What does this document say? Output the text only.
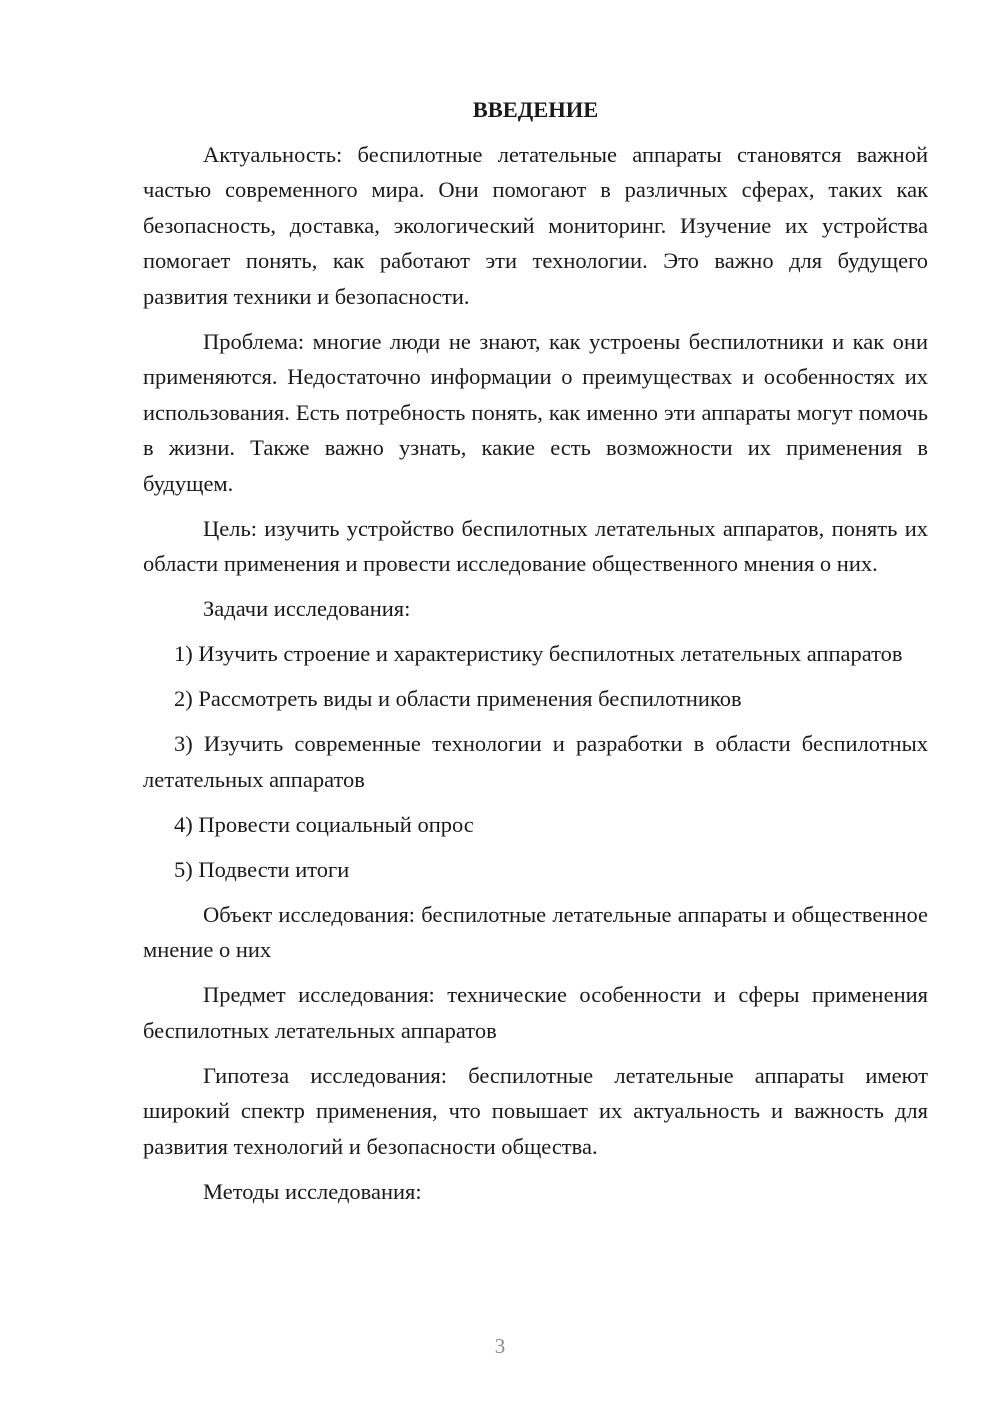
ВВЕДЕНИЕ

Актуальность: беспилотные летательные аппараты становятся важной частью современного мира. Они помогают в различных сферах, таких как безопасность, доставка, экологический мониторинг. Изучение их устройства помогает понять, как работают эти технологии. Это важно для будущего развития техники и безопасности.

Проблема: многие люди не знают, как устроены беспилотники и как они применяются. Недостаточно информации о преимуществах и особенностях их использования. Есть потребность понять, как именно эти аппараты могут помочь в жизни. Также важно узнать, какие есть возможности их применения в будущем.

Цель: изучить устройство беспилотных летательных аппаратов, понять их области применения и провести исследование общественного мнения о них.

Задачи исследования:

1) Изучить строение и характеристику беспилотных летательных аппаратов

2) Рассмотреть виды и области применения беспилотников

3) Изучить современные технологии и разработки в области беспилотных летательных аппаратов

4) Провести социальный опрос

5) Подвести итоги

Объект исследования: беспилотные летательные аппараты и общественное мнение о них

Предмет исследования: технические особенности и сферы применения беспилотных летательных аппаратов

Гипотеза исследования: беспилотные летательные аппараты имеют широкий спектр применения, что повышает их актуальность и важность для развития технологий и безопасности общества.

Методы исследования:

3
